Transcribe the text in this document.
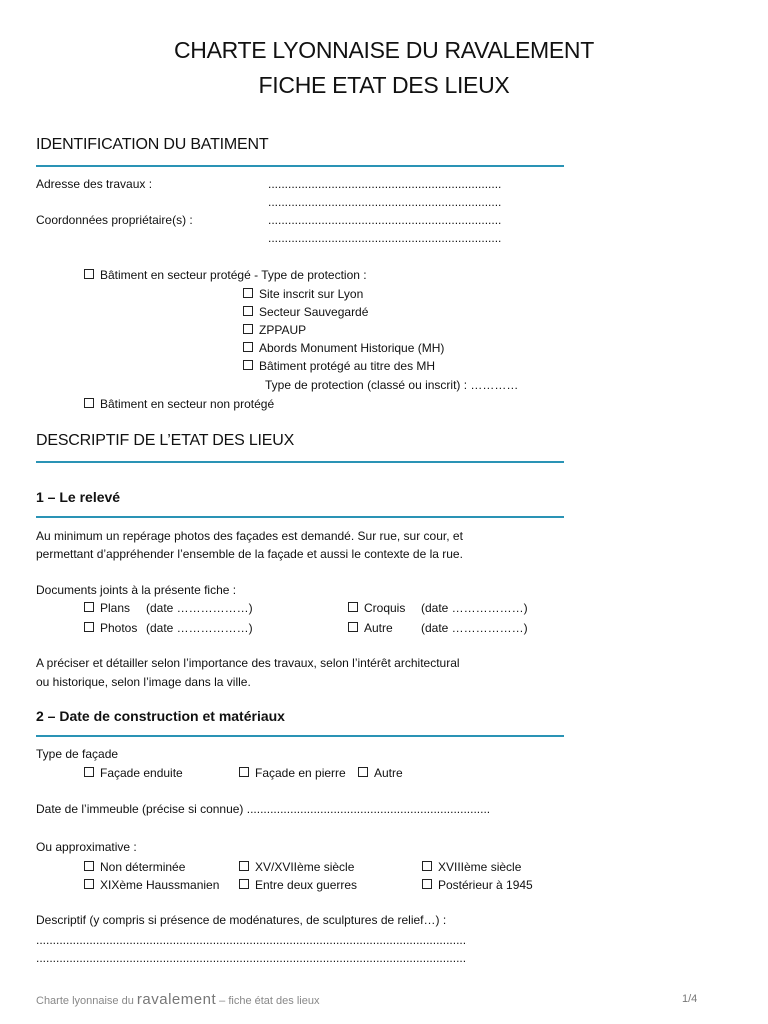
CHARTE LYONNAISE DU RAVALEMENT
FICHE ETAT DES LIEUX
IDENTIFICATION DU BATIMENT
Adresse des travaux :	......................................................................
......................................................................
Coordonnées propriétaire(s) :	......................................................................
......................................................................
Bâtiment en secteur protégé - Type de protection :
Site inscrit sur Lyon
Secteur Sauvegardé
ZPPAUP
Abords Monument Historique (MH)
Bâtiment protégé au titre des MH
Type de protection (classé ou inscrit) : …………
Bâtiment en secteur non protégé
DESCRIPTIF DE L’ETAT DES LIEUX
1 – Le relevé
Au minimum un repérage photos des façades est demandé. Sur rue, sur cour, et
permettant d’appréhender l’ensemble de la façade et aussi le contexte de la rue.
Documents joints à la présente fiche :
Plans (date ………………)	Croquis (date ………………)
Photos (date ………………)	Autre (date ………………)
A préciser et détailler selon l’importance des travaux, selon l’intérêt architectural
ou historique, selon l’image dans la ville.
2 – Date de construction et matériaux
Type de façade
Façade enduite	Façade en pierre	Autre
Date de l’immeuble (précise si connue) .........................................................................
Ou approximative :
Non déterminée	XV/XVIIème siècle	XVIIIème siècle
XIXème Haussmanien	Entre deux guerres	Postérieur à 1945
Descriptif (y compris si présence de modénatures, de sculptures de relief…) :
.................................................................................................................................
.................................................................................................................................
Charte lyonnaise du ravalement – fiche état des lieux	1/4
